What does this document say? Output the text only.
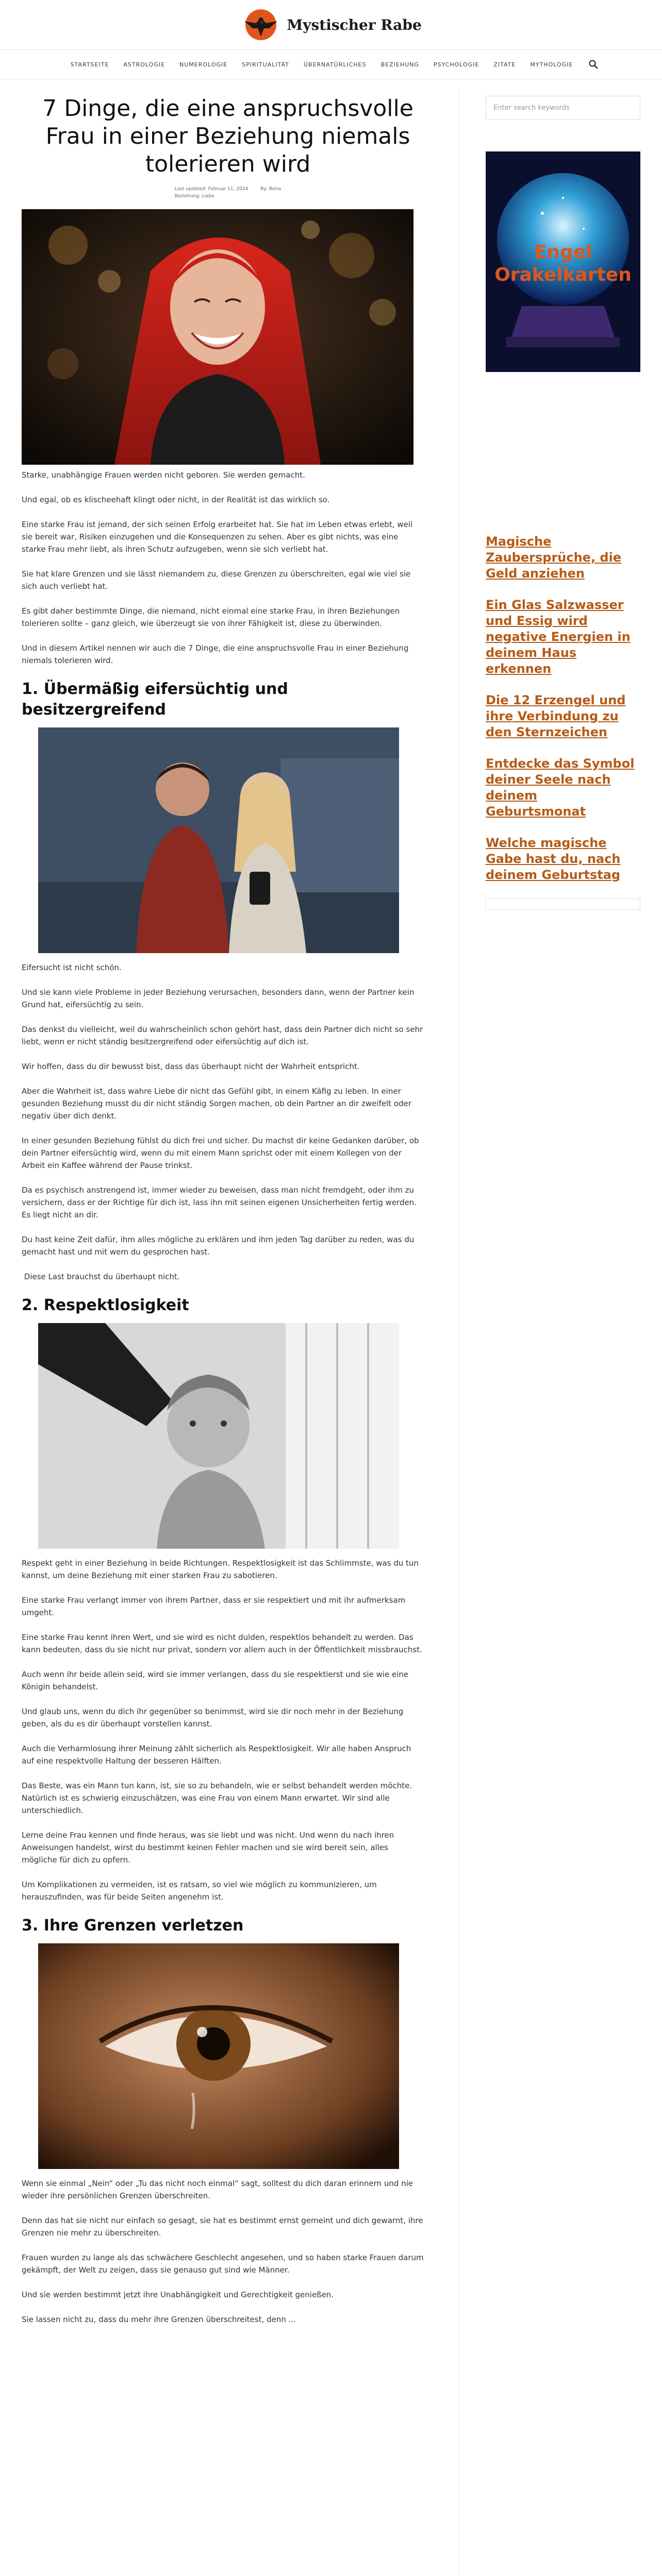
Mystischer Rabe
STARTSEITE	ASTROLOGIE	NUMEROLOGIE	SPIRITUALITÄT	ÜBERNATÜRLICHES	BEZIEHUNG	PSYCHOLOGIE	ZITATE	MYTHOLOGIE
7 Dinge, die eine anspruchsvolle Frau in einer Beziehung niemals tolerieren wird
Last updated: Februar 11, 2024
Beziehung, Liebe
By: Beira

Starke, unabhängige Frauen werden nicht geboren. Sie werden gemacht.

Und egal, ob es klischeehaft klingt oder nicht, in der Realität ist das wirklich so.

Eine starke Frau ist jemand, der sich seinen Erfolg erarbeitet hat. Sie hat im Leben etwas erlebt, weil sie bereit war, Risiken einzugehen und die Konsequenzen zu sehen. Aber es gibt nichts, was eine starke Frau mehr liebt, als ihren Schutz aufzugeben, wenn sie sich verliebt hat.

Sie hat klare Grenzen und sie lässt niemandem zu, diese Grenzen zu überschreiten, egal wie viel sie sich auch verliebt hat.

Es gibt daher bestimmte Dinge, die niemand, nicht einmal eine starke Frau, in ihren Beziehungen tolerieren sollte – ganz gleich, wie überzeugt sie von ihrer Fähigkeit ist, diese zu überwinden.

Und in diesem Artikel nennen wir auch die 7 Dinge, die eine anspruchsvolle Frau in einer Beziehung niemals tolerieren wird.

1. Übermäßig eifersüchtig und besitzergreifend

Eifersucht ist nicht schön.

Und sie kann viele Probleme in jeder Beziehung verursachen, besonders dann, wenn der Partner kein Grund hat, eifersüchtig zu sein.

Das denkst du vielleicht, weil du wahrscheinlich schon gehört hast, dass dein Partner dich nicht so sehr liebt, wenn er nicht ständig besitzergreifend oder eifersüchtig auf dich ist.

Wir hoffen, dass du dir bewusst bist, dass das überhaupt nicht der Wahrheit entspricht.

Aber die Wahrheit ist, dass wahre Liebe dir nicht das Gefühl gibt, in einem Käfig zu leben. In einer gesunden Beziehung musst du dir nicht ständig Sorgen machen, ob dein Partner an dir zweifelt oder negativ über dich denkt.

In einer gesunden Beziehung fühlst du dich frei und sicher. Du machst dir keine Gedanken darüber, ob dein Partner eifersüchtig wird, wenn du mit einem Mann sprichst oder mit einem Kollegen von der Arbeit ein Kaffee während der Pause trinkst.

Da es psychisch anstrengend ist, immer wieder zu beweisen, dass man nicht fremdgeht, oder ihm zu versichern, dass er der Richtige für dich ist, lass ihn mit seinen eigenen Unsicherheiten fertig werden. Es liegt nicht an dir.

Du hast keine Zeit dafür, ihm alles mögliche zu erklären und ihm jeden Tag darüber zu reden, was du gemacht hast und mit wem du gesprochen hast.

Diese Last brauchst du überhaupt nicht.

2. Respektlosigkeit

Respekt geht in einer Beziehung in beide Richtungen. Respektlosigkeit ist das Schlimmste, was du tun kannst, um deine Beziehung mit einer starken Frau zu sabotieren.

Eine starke Frau verlangt immer von ihrem Partner, dass er sie respektiert und mit ihr aufmerksam umgeht.

Eine starke Frau kennt ihren Wert, und sie wird es nicht dulden, respektlos behandelt zu werden. Das kann bedeuten, dass du sie nicht nur privat, sondern vor allem auch in der Öffentlichkeit missbrauchst.

Auch wenn ihr beide allein seid, wird sie immer verlangen, dass du sie respektierst und sie wie eine Königin behandelst.

Und glaub uns, wenn du dich ihr gegenüber so benimmst, wird sie dir noch mehr in der Beziehung geben, als du es dir überhaupt vorstellen kannst.

Auch die Verharmlosung ihrer Meinung zählt sicherlich als Respektlosigkeit. Wir alle haben Anspruch auf eine respektvolle Haltung der besseren Hälften.

Das Beste, was ein Mann tun kann, ist, sie so zu behandeln, wie er selbst behandelt werden möchte. Natürlich ist es schwierig einzuschätzen, was eine Frau von einem Mann erwartet. Wir sind alle unterschiedlich.

Lerne deine Frau kennen und finde heraus, was sie liebt und was nicht. Und wenn du nach ihren Anweisungen handelst, wirst du bestimmt keinen Fehler machen und sie wird bereit sein, alles mögliche für dich zu opfern.

Um Komplikationen zu vermeiden, ist es ratsam, so viel wie möglich zu kommunizieren, um herauszufinden, was für beide Seiten angenehm ist.

3. Ihre Grenzen verletzen

Wenn sie einmal „Nein“ oder „Tu das nicht noch einmal“ sagt, solltest du dich daran erinnern und nie wieder ihre persönlichen Grenzen überschreiten.

Denn das hat sie nicht nur einfach so gesagt, sie hat es bestimmt ernst gemeint und dich gewarnt, ihre Grenzen nie mehr zu überschreiten.

Frauen wurden zu lange als das schwächere Geschlecht angesehen, und so haben starke Frauen darum gekämpft, der Welt zu zeigen, dass sie genauso gut sind wie Männer.

Und sie werden bestimmt jetzt ihre Unabhängigkeit und Gerechtigkeit genießen.

Sie lassen nicht zu, dass du mehr ihre Grenzen überschreitest, denn ...

Enter search keywords
Engel Orakelkarten
Magische Zaubersprüche, die Geld anziehen
Ein Glas Salzwasser und Essig wird negative Energien in deinem Haus erkennen
Die 12 Erzengel und ihre Verbindung zu den Sternzeichen
Entdecke das Symbol deiner Seele nach deinem Geburtsmonat
Welche magische Gabe hast du, nach deinem Geburtstag
